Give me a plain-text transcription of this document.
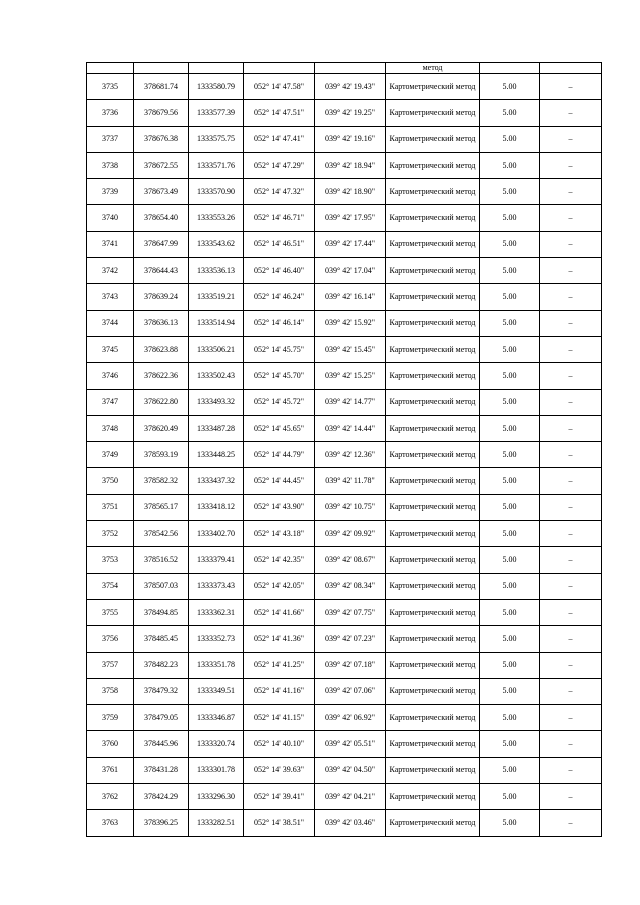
					метод		
3735	378681.74	1333580.79	052° 14' 47.58"	039° 42' 19.43"	Картометрический метод	5.00	–
3736	378679.56	1333577.39	052° 14' 47.51"	039° 42' 19.25"	Картометрический метод	5.00	–
3737	378676.38	1333575.75	052° 14' 47.41"	039° 42' 19.16"	Картометрический метод	5.00	–
3738	378672.55	1333571.76	052° 14' 47.29"	039° 42' 18.94"	Картометрический метод	5.00	–
3739	378673.49	1333570.90	052° 14' 47.32"	039° 42' 18.90"	Картометрический метод	5.00	–
3740	378654.40	1333553.26	052° 14' 46.71"	039° 42' 17.95"	Картометрический метод	5.00	–
3741	378647.99	1333543.62	052° 14' 46.51"	039° 42' 17.44"	Картометрический метод	5.00	–
3742	378644.43	1333536.13	052° 14' 46.40"	039° 42' 17.04"	Картометрический метод	5.00	–
3743	378639.24	1333519.21	052° 14' 46.24"	039° 42' 16.14"	Картометрический метод	5.00	–
3744	378636.13	1333514.94	052° 14' 46.14"	039° 42' 15.92"	Картометрический метод	5.00	–
3745	378623.88	1333506.21	052° 14' 45.75"	039° 42' 15.45"	Картометрический метод	5.00	–
3746	378622.36	1333502.43	052° 14' 45.70"	039° 42' 15.25"	Картометрический метод	5.00	–
3747	378622.80	1333493.32	052° 14' 45.72"	039° 42' 14.77"	Картометрический метод	5.00	–
3748	378620.49	1333487.28	052° 14' 45.65"	039° 42' 14.44"	Картометрический метод	5.00	–
3749	378593.19	1333448.25	052° 14' 44.79"	039° 42' 12.36"	Картометрический метод	5.00	–
3750	378582.32	1333437.32	052° 14' 44.45"	039° 42' 11.78"	Картометрический метод	5.00	–
3751	378565.17	1333418.12	052° 14' 43.90"	039° 42' 10.75"	Картометрический метод	5.00	–
3752	378542.56	1333402.70	052° 14' 43.18"	039° 42' 09.92"	Картометрический метод	5.00	–
3753	378516.52	1333379.41	052° 14' 42.35"	039° 42' 08.67"	Картометрический метод	5.00	–
3754	378507.03	1333373.43	052° 14' 42.05"	039° 42' 08.34"	Картометрический метод	5.00	–
3755	378494.85	1333362.31	052° 14' 41.66"	039° 42' 07.75"	Картометрический метод	5.00	–
3756	378485.45	1333352.73	052° 14' 41.36"	039° 42' 07.23"	Картометрический метод	5.00	–
3757	378482.23	1333351.78	052° 14' 41.25"	039° 42' 07.18"	Картометрический метод	5.00	–
3758	378479.32	1333349.51	052° 14' 41.16"	039° 42' 07.06"	Картометрический метод	5.00	–
3759	378479.05	1333346.87	052° 14' 41.15"	039° 42' 06.92"	Картометрический метод	5.00	–
3760	378445.96	1333320.74	052° 14' 40.10"	039° 42' 05.51"	Картометрический метод	5.00	–
3761	378431.28	1333301.78	052° 14' 39.63"	039° 42' 04.50"	Картометрический метод	5.00	–
3762	378424.29	1333296.30	052° 14' 39.41"	039° 42' 04.21"	Картометрический метод	5.00	–
3763	378396.25	1333282.51	052° 14' 38.51"	039° 42' 03.46"	Картометрический метод	5.00	–
